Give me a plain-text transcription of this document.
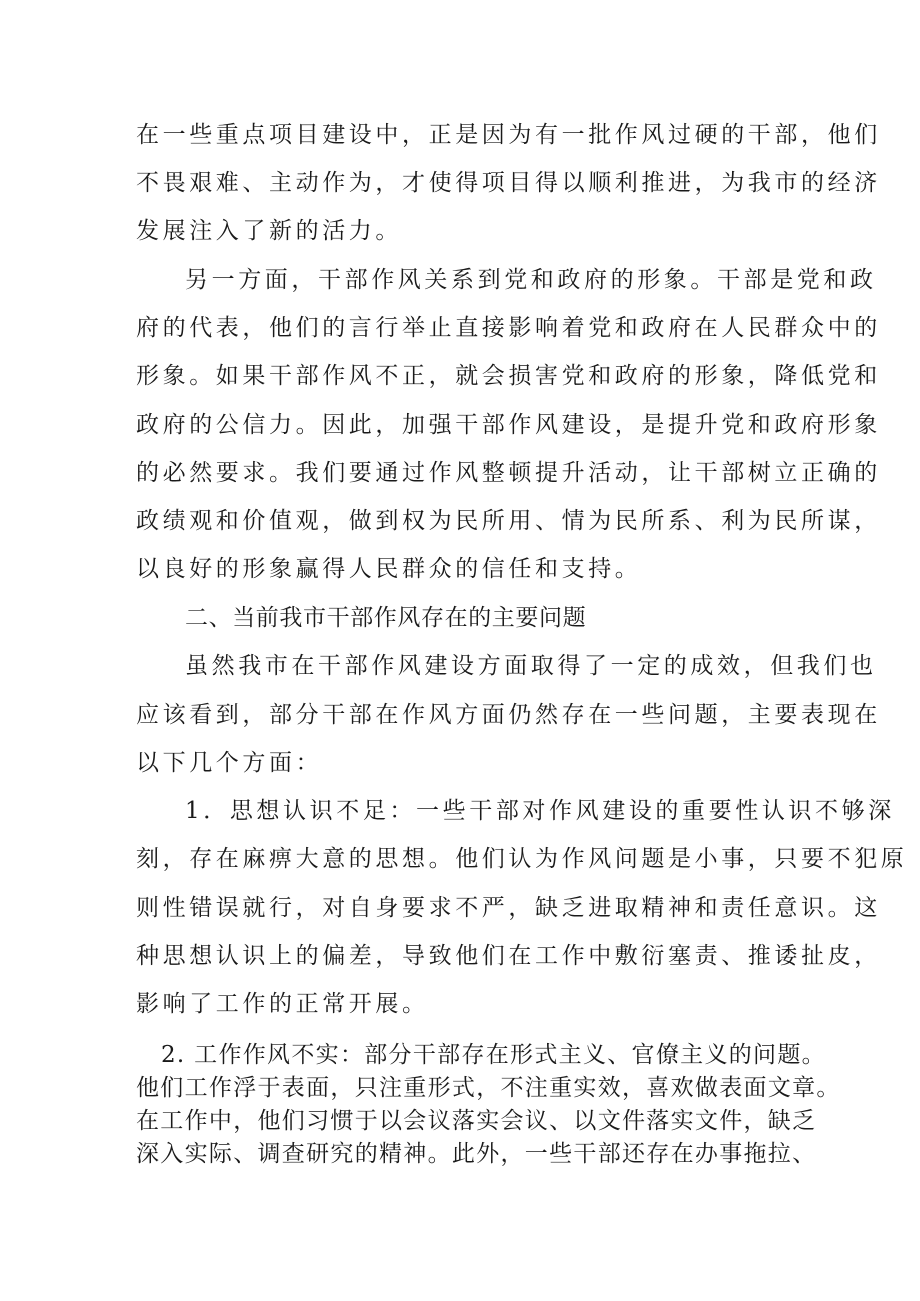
在一些重点项目建设中，正是因为有一批作风过硬的干部，他们
不畏艰难、主动作为，才使得项目得以顺利推进，为我市的经济
发展注入了新的活力。
另一方面，干部作风关系到党和政府的形象。干部是党和政
府的代表，他们的言行举止直接影响着党和政府在人民群众中的
形象。如果干部作风不正，就会损害党和政府的形象，降低党和
政府的公信力。因此，加强干部作风建设，是提升党和政府形象
的必然要求。我们要通过作风整顿提升活动，让干部树立正确的
政绩观和价值观，做到权为民所用、情为民所系、利为民所谋，
以良好的形象赢得人民群众的信任和支持。
二、当前我市干部作风存在的主要问题
虽然我市在干部作风建设方面取得了一定的成效，但我们也
应该看到，部分干部在作风方面仍然存在一些问题，主要表现在
以下几个方面：
1．思想认识不足：一些干部对作风建设的重要性认识不够深
刻，存在麻痹大意的思想。他们认为作风问题是小事，只要不犯原
则性错误就行，对自身要求不严，缺乏进取精神和责任意识。这
种思想认识上的偏差，导致他们在工作中敷衍塞责、推诿扯皮，
影响了工作的正常开展。
2. 工作作风不实：部分干部存在形式主义、官僚主义的问题。
他们工作浮于表面，只注重形式，不注重实效，喜欢做表面文章。
在工作中，他们习惯于以会议落实会议、以文件落实文件，缺乏
深入实际、调查研究的精神。此外，一些干部还存在办事拖拉、
